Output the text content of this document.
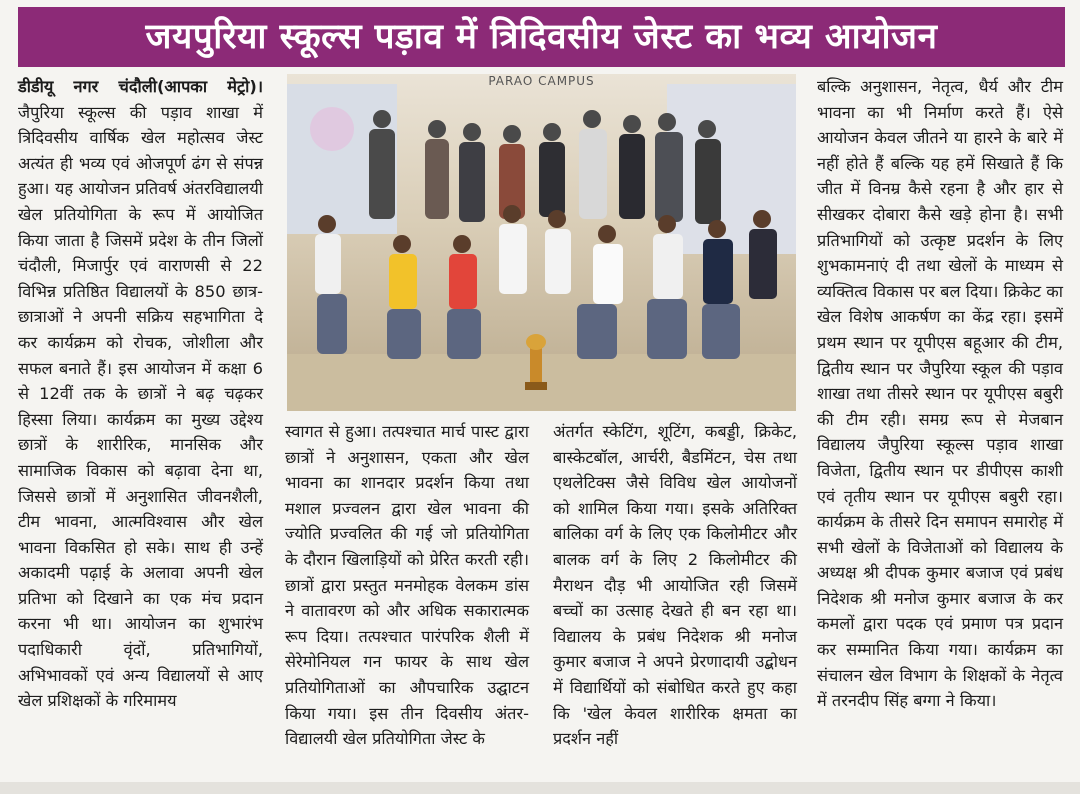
जयपुरिया स्कूल्स पड़ाव में त्रिदिवसीय जेस्ट का भव्य आयोजन

डीडीयू नगर चंदौली(आपका मेट्रो)। जैपुरिया स्कूल्स की पड़ाव शाखा में त्रिदिवसीय वार्षिक खेल महोत्सव जेस्ट अत्यंत ही भव्य एवं ओजपूर्ण ढंग से संपन्न हुआ। यह आयोजन प्रतिवर्ष अंतरविद्यालयी खेल प्रतियोगिता के रूप में आयोजित किया जाता है जिसमें प्रदेश के तीन जिलों चंदौली, मिजार्पुर एवं वाराणसी से 22 विभिन्न प्रतिष्ठित विद्यालयों के 850 छात्र-छात्राओं ने अपनी सक्रिय सहभागिता दे कर कार्यक्रम को रोचक, जोशीला और सफल बनाते हैं। इस आयोजन में कक्षा 6 से 12वीं तक के छात्रों ने बढ़ चढ़कर हिस्सा लिया। कार्यक्रम का मुख्य उद्देश्य छात्रों के शारीरिक, मानसिक और सामाजिक विकास को बढ़ावा देना था, जिससे छात्रों में अनुशासित जीवनशैली, टीम भावना, आत्मविश्वास और खेल भावना विकसित हो सके। साथ ही उन्हें अकादमी पढ़ाई के अलावा अपनी खेल प्रतिभा को दिखाने का एक मंच प्रदान करना भी था। आयोजन का शुभारंभ पदाधिकारी वृंदों, प्रतिभागियों, अभिभावकों एवं अन्य विद्यालयों से आए खेल प्रशिक्षकों के गरिमामय

PARAO CAMPUS

स्वागत से हुआ। तत्पश्चात मार्च पास्ट द्वारा छात्रों ने अनुशासन, एकता और खेल भावना का शानदार प्रदर्शन किया तथा मशाल प्रज्वलन द्वारा खेल भावना की ज्योति प्रज्वलित की गई जो प्रतियोगिता के दौरान खिलाड़ियों को प्रेरित करती रही। छात्रों द्वारा प्रस्तुत मनमोहक वेलकम डांस ने वातावरण को और अधिक सकारात्मक रूप दिया। तत्पश्चात पारंपरिक शैली में सेरेमोनियल गन फायर के साथ खेल प्रतियोगिताओं का औपचारिक उद्घाटन किया गया। इस तीन दिवसीय अंतर-विद्यालयी खेल प्रतियोगिता जेस्ट के

अंतर्गत स्केटिंग, शूटिंग, कबड्डी, क्रिकेट, बास्केटबॉल, आर्चरी, बैडमिंटन, चेस तथा एथलेटिक्स जैसे विविध खेल आयोजनों को शामिल किया गया। इसके अतिरिक्त बालिका वर्ग के लिए एक किलोमीटर और बालक वर्ग के लिए 2 किलोमीटर की मैराथन दौड़ भी आयोजित रही जिसमें बच्चों का उत्साह देखते ही बन रहा था। विद्यालय के प्रबंध निदेशक श्री मनोज कुमार बजाज ने अपने प्रेरणादायी उद्बोधन में विद्यार्थियों को संबोधित करते हुए कहा कि 'खेल केवल शारीरिक क्षमता का प्रदर्शन नहीं

बल्कि अनुशासन, नेतृत्व, धैर्य और टीम भावना का भी निर्माण करते हैं। ऐसे आयोजन केवल जीतने या हारने के बारे में नहीं होते हैं बल्कि यह हमें सिखाते हैं कि जीत में विनम्र कैसे रहना है और हार से सीखकर दोबारा कैसे खड़े होना है। सभी प्रतिभागियों को उत्कृष्ट प्रदर्शन के लिए शुभकामनाएं दी तथा खेलों के माध्यम से व्यक्तित्व विकास पर बल दिया। क्रिकेट का खेल विशेष आकर्षण का केंद्र रहा। इसमें प्रथम स्थान पर यूपीएस बहूआर की टीम, द्वितीय स्थान पर जैपुरिया स्कूल की पड़ाव शाखा तथा तीसरे स्थान पर यूपीएस बबुरी की टीम रही। समग्र रूप से मेजबान विद्यालय जैपुरिया स्कूल्स पड़ाव शाखा विजेता, द्वितीय स्थान पर डीपीएस काशी एवं तृतीय स्थान पर यूपीएस बबुरी रहा। कार्यक्रम के तीसरे दिन समापन समारोह में सभी खेलों के विजेताओं को विद्यालय के अध्यक्ष श्री दीपक कुमार बजाज एवं प्रबंध निदेशक श्री मनोज कुमार बजाज के कर कमलों द्वारा पदक एवं प्रमाण पत्र प्रदान कर सम्मानित किया गया। कार्यक्रम का संचालन खेल विभाग के शिक्षकों के नेतृत्व में तरनदीप सिंह बग्गा ने किया।
